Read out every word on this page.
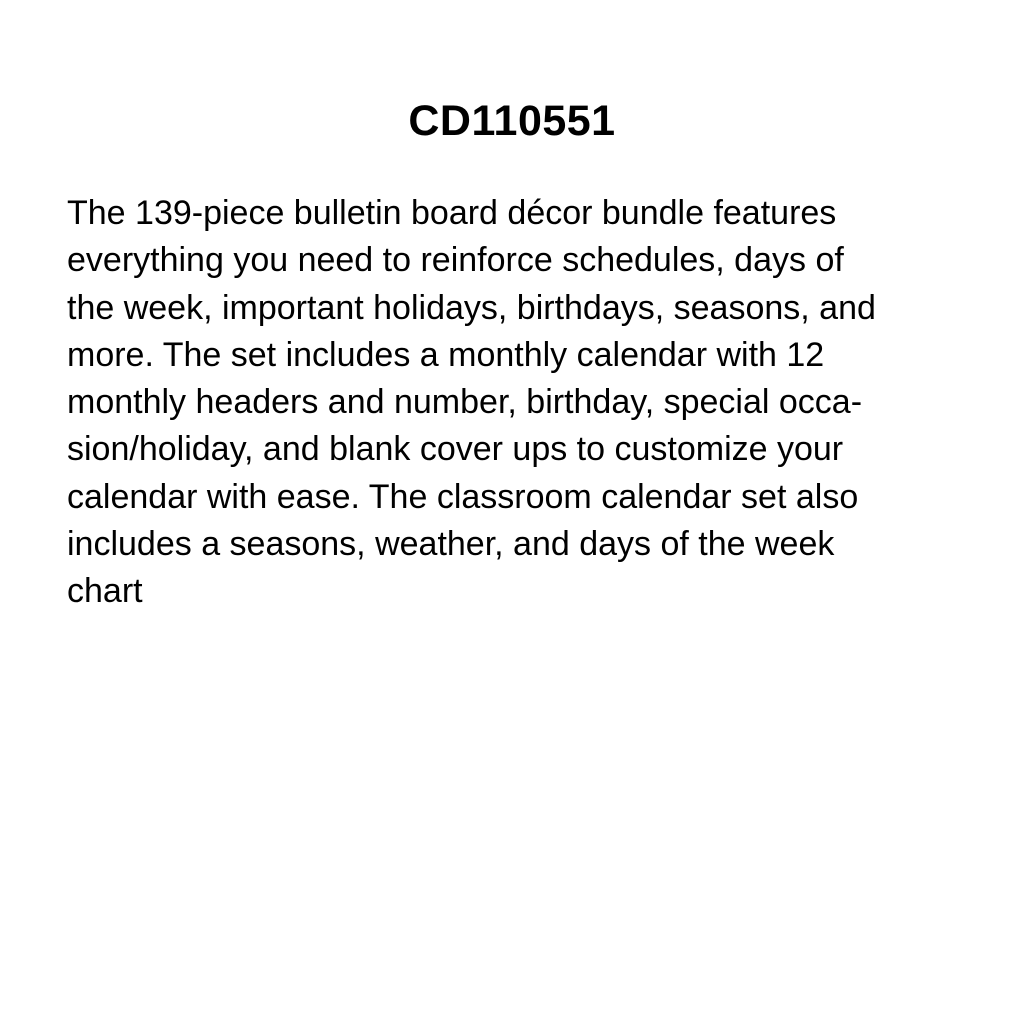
CD110551
The 139-piece bulletin board décor bundle features
everything you need to reinforce schedules, days of
the week, important holidays, birthdays, seasons, and
more. The set includes a monthly calendar with 12
monthly headers and number, birthday, special occa-
sion/holiday, and blank cover ups to customize your
calendar with ease. The classroom calendar set also
includes a seasons, weather, and days of the week
chart
